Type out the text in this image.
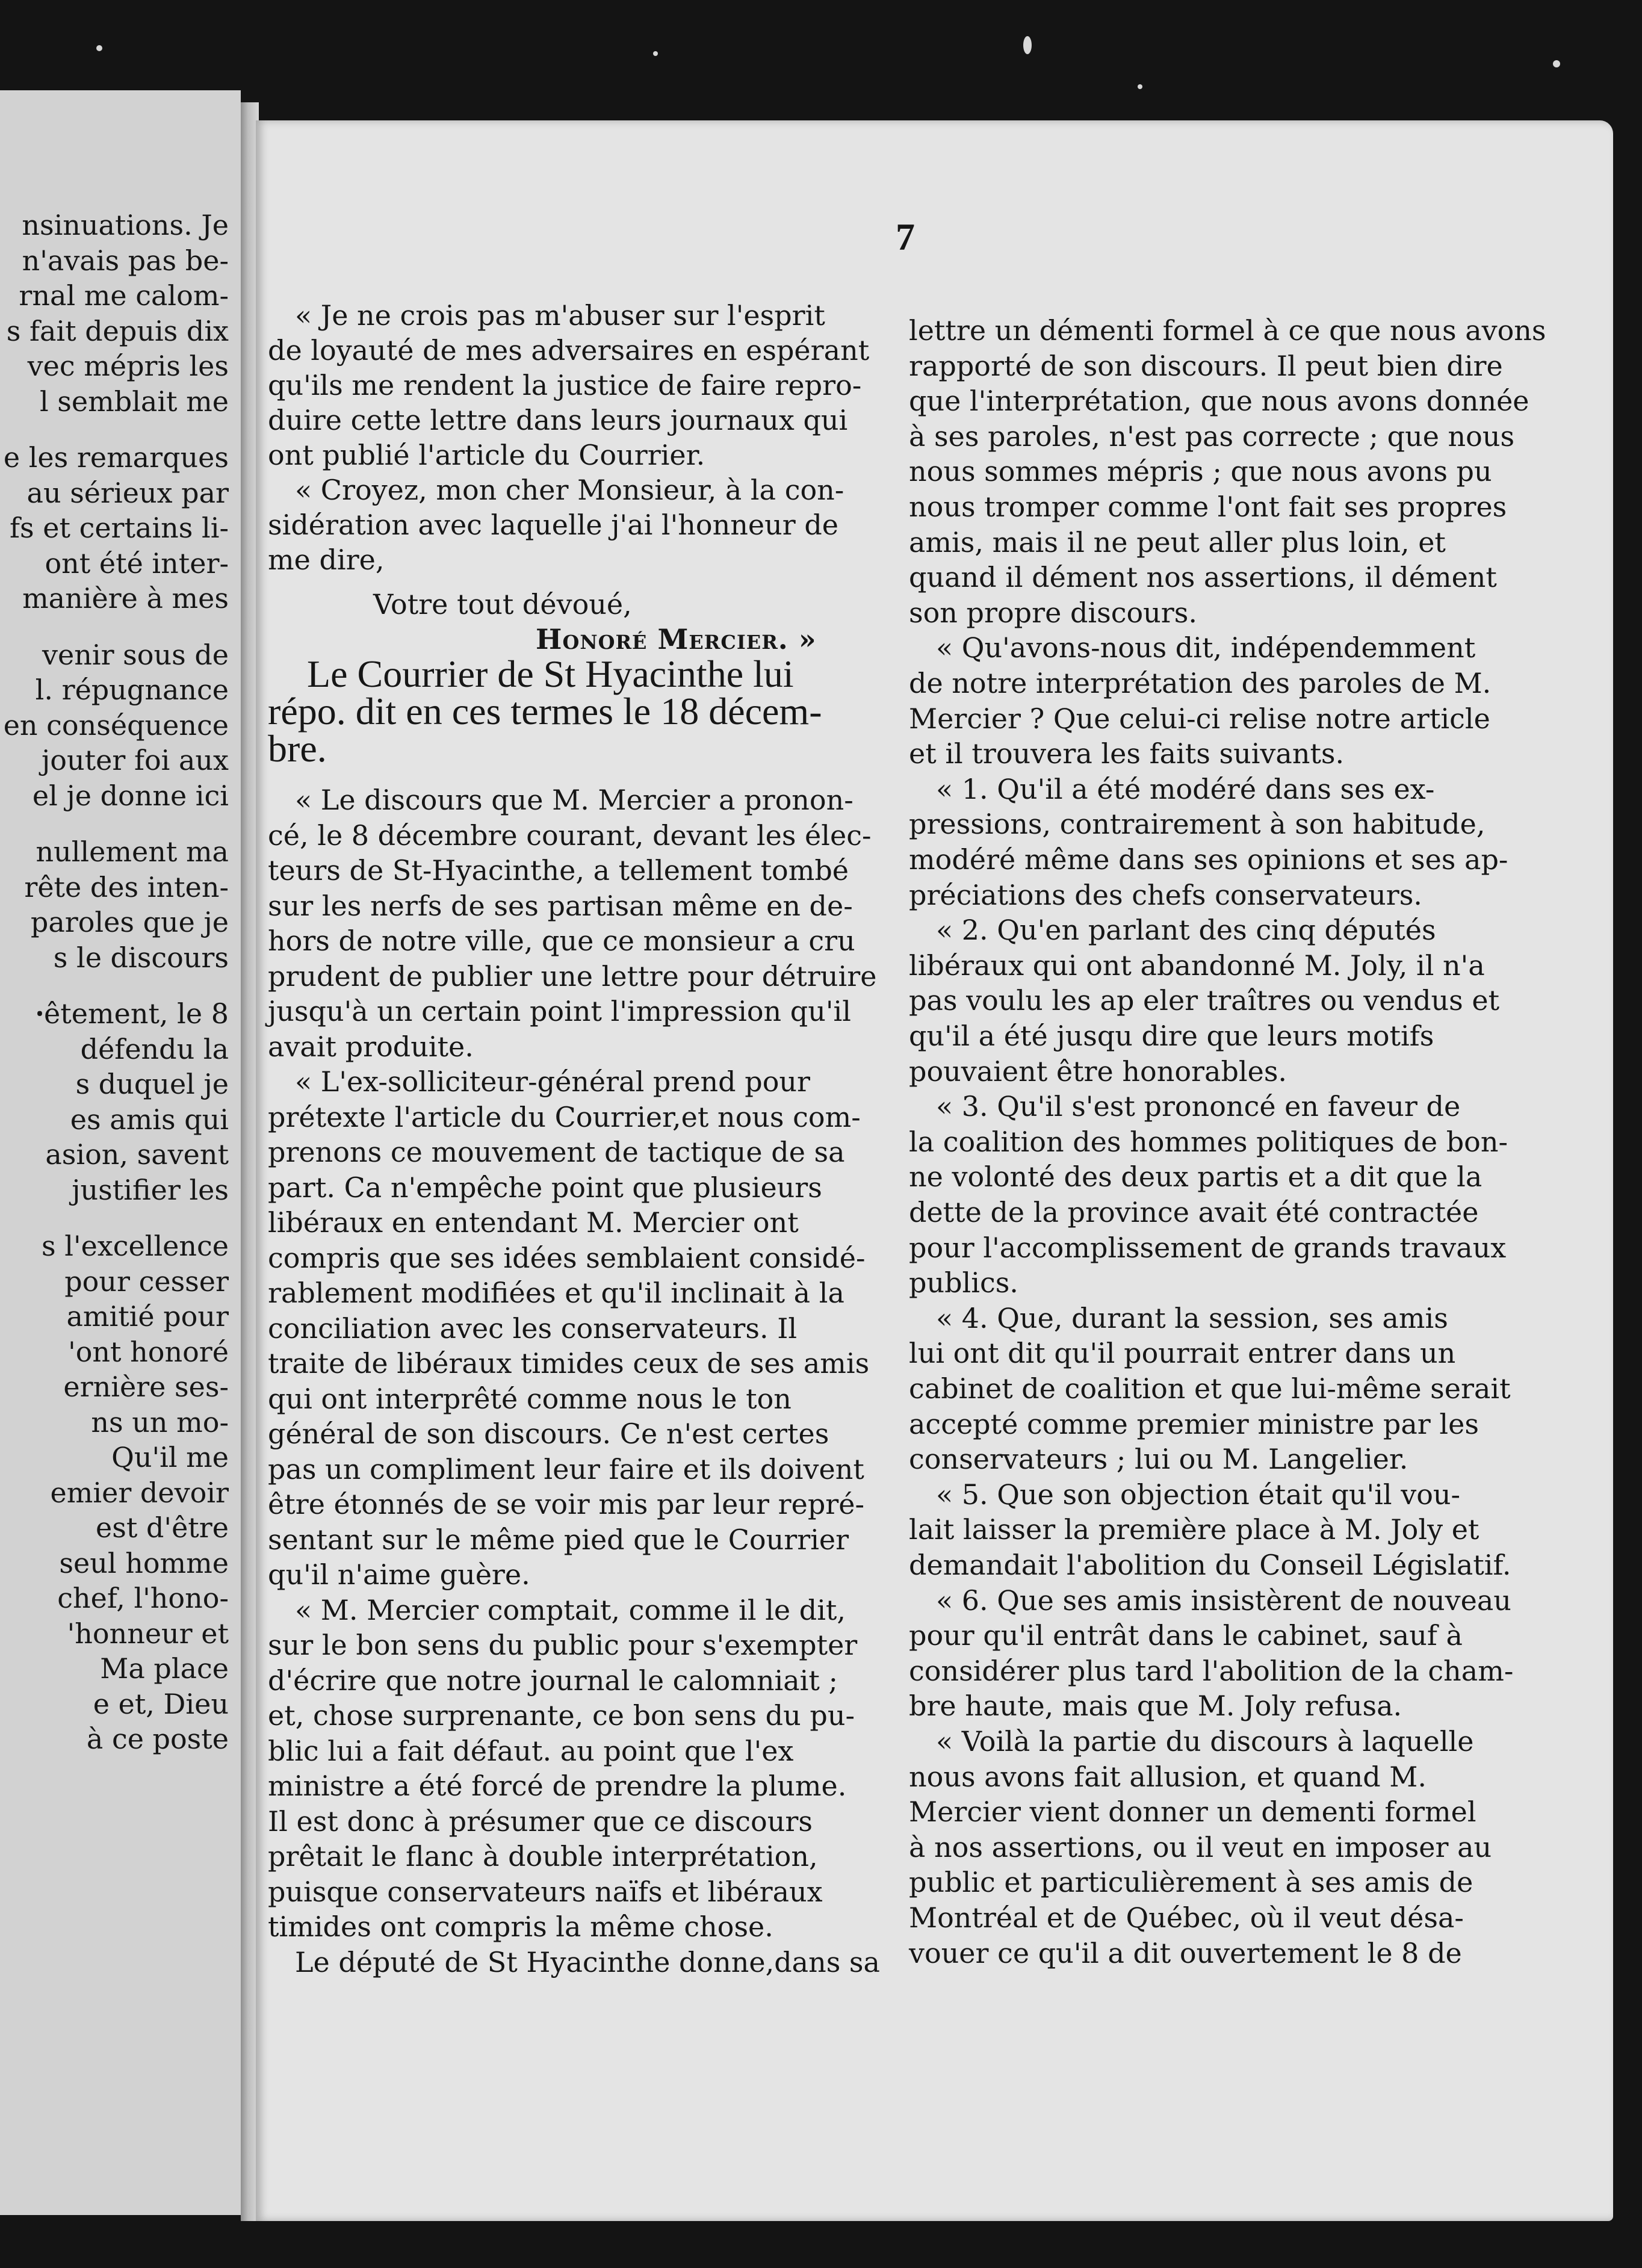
nsinuations. Je
n'avais pas be-
rnal me calom-
s fait depuis dix
vec mépris les
l semblait me
e les remarques
au sérieux par
fs et certains li-
ont été inter-
manière à mes
venir sous de
l. répugnance
en conséquence
jouter foi aux
el je donne ici
nullement ma
rête des inten-
paroles que je
s le discours
ꞏêtement, le 8
défendu la
s duquel je
es amis qui
asion, savent
justifier les
s l'excellence
pour cesser
amitié pour
'ont honoré
ernière ses-
ns un mo-
Qu'il me
emier devoir
est d'être
seul homme
chef, l'hono-
'honneur et
Ma place
e et, Dieu
à ce poste
7
« Je ne crois pas m'abuser sur l'esprit
de loyauté de mes adversaires en espérant
qu'ils me rendent la justice de faire repro-
duire cette lettre dans leurs journaux qui
ont publié l'article du Courrier.
« Croyez, mon cher Monsieur, à la con-
sidération avec laquelle j'ai l'honneur de
me dire,
Votre tout dévoué,
Honoré Mercier. »
Le Courrier de St Hyacinthe lui
répo. dit en ces termes le 18 décem-
bre.
« Le discours que M. Mercier a pronon-
cé, le 8 décembre courant, devant les élec-
teurs de St-Hyacinthe, a tellement tombé
sur les nerfs de ses partisan même en de-
hors de notre ville, que ce monsieur a cru
prudent de publier une lettre pour détruire
jusqu'à un certain point l'impression qu'il
avait produite.
« L'ex-solliciteur-général prend pour
prétexte l'article du Courrier,et nous com-
prenons ce mouvement de tactique de sa
part. Ca n'empêche point que plusieurs
libéraux en entendant M. Mercier ont
compris que ses idées semblaient considé-
rablement modifiées et qu'il inclinait à la
conciliation avec les conservateurs. Il
traite de libéraux timides ceux de ses amis
qui ont interprêté comme nous le ton
général de son discours. Ce n'est certes
pas un compliment leur faire et ils doivent
être étonnés de se voir mis par leur repré-
sentant sur le même pied que le Courrier
qu'il n'aime guère.
« M. Mercier comptait, comme il le dit,
sur le bon sens du public pour s'exempter
d'écrire que notre journal le calomniait ;
et, chose surprenante, ce bon sens du pu-
blic lui a fait défaut. au point que l'ex
ministre a été forcé de prendre la plume.
Il est donc à présumer que ce discours
prêtait le flanc à double interprétation,
puisque conservateurs naïfs et libéraux
timides ont compris la même chose.
Le député de St Hyacinthe donne,dans sa
lettre un démenti formel à ce que nous avons
rapporté de son discours. Il peut bien dire
que l'interprétation, que nous avons donnée
à ses paroles, n'est pas correcte ; que nous
nous sommes mépris ; que nous avons pu
nous tromper comme l'ont fait ses propres
amis, mais il ne peut aller plus loin, et
quand il dément nos assertions, il dément
son propre discours.
« Qu'avons-nous dit, indépendemment
de notre interprétation des paroles de M.
Mercier ? Que celui-ci relise notre article
et il trouvera les faits suivants.
« 1. Qu'il a été modéré dans ses ex-
pressions, contrairement à son habitude,
modéré même dans ses opinions et ses ap-
préciations des chefs conservateurs.
« 2. Qu'en parlant des cinq députés
libéraux qui ont abandonné M. Joly, il n'a
pas voulu les ap eler traîtres ou vendus et
qu'il a été jusqu dire que leurs motifs
pouvaient être honorables.
« 3. Qu'il s'est prononcé en faveur de
la coalition des hommes politiques de bon-
ne volonté des deux partis et a dit que la
dette de la province avait été contractée
pour l'accomplissement de grands travaux
publics.
« 4. Que, durant la session, ses amis
lui ont dit qu'il pourrait entrer dans un
cabinet de coalition et que lui-même serait
accepté comme premier ministre par les
conservateurs ; lui ou M. Langelier.
« 5. Que son objection était qu'il vou-
lait laisser la première place à M. Joly et
demandait l'abolition du Conseil Législatif.
« 6. Que ses amis insistèrent de nouveau
pour qu'il entrât dans le cabinet, sauf à
considérer plus tard l'abolition de la cham-
bre haute, mais que M. Joly refusa.
« Voilà la partie du discours à laquelle
nous avons fait allusion, et quand M.
Mercier vient donner un dementi formel
à nos assertions, ou il veut en imposer au
public et particulièrement à ses amis de
Montréal et de Québec, où il veut désa-
vouer ce qu'il a dit ouvertement le 8 de
